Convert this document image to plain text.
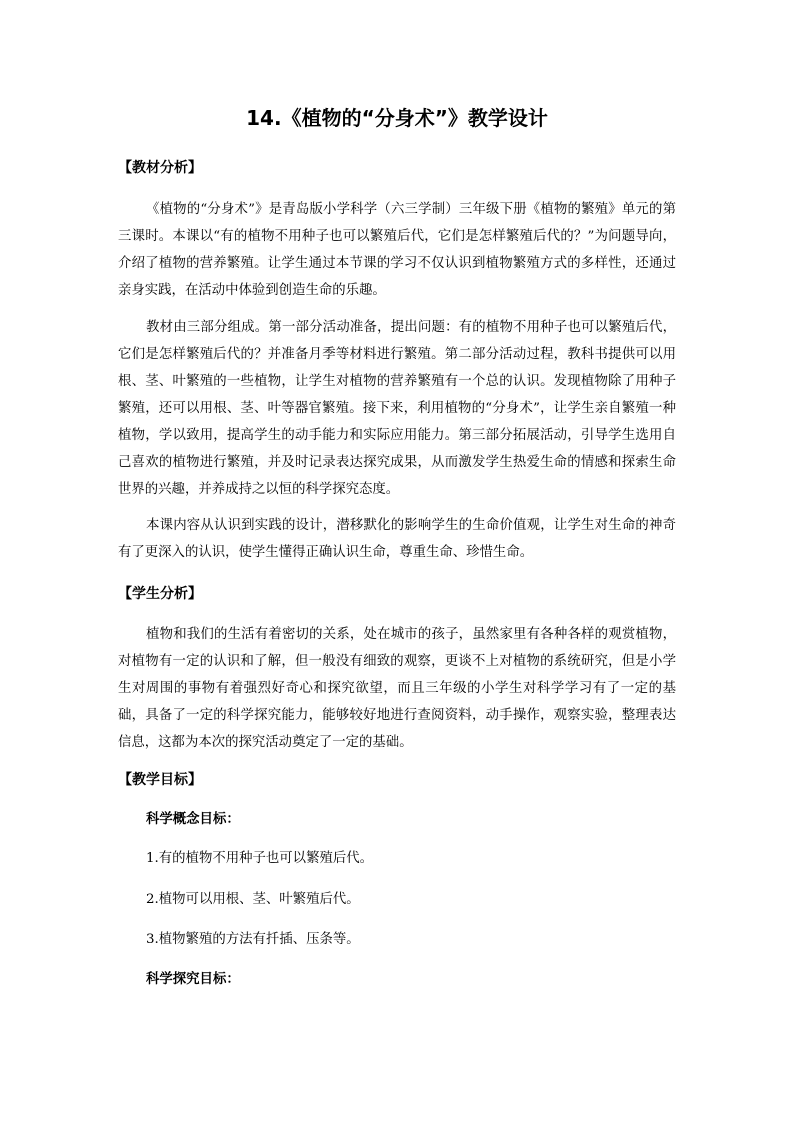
14.《植物的“分身术”》教学设计
【教材分析】
《植物的“分身术”》是青岛版小学科学（六三学制）三年级下册《植物的繁殖》单元的第三课时。本课以“有的植物不用种子也可以繁殖后代，它们是怎样繁殖后代的？”为问题导向，介绍了植物的营养繁殖。让学生通过本节课的学习不仅认识到植物繁殖方式的多样性，还通过亲身实践，在活动中体验到创造生命的乐趣。
教材由三部分组成。第一部分活动准备，提出问题：有的植物不用种子也可以繁殖后代，它们是怎样繁殖后代的？并准备月季等材料进行繁殖。第二部分活动过程，教科书提供可以用根、茎、叶繁殖的一些植物，让学生对植物的营养繁殖有一个总的认识。发现植物除了用种子繁殖，还可以用根、茎、叶等器官繁殖。接下来，利用植物的“分身术”，让学生亲自繁殖一种植物，学以致用，提高学生的动手能力和实际应用能力。第三部分拓展活动，引导学生选用自己喜欢的植物进行繁殖，并及时记录表达探究成果，从而激发学生热爱生命的情感和探索生命世界的兴趣，并养成持之以恒的科学探究态度。
本课内容从认识到实践的设计，潜移默化的影响学生的生命价值观，让学生对生命的神奇有了更深入的认识，使学生懂得正确认识生命，尊重生命、珍惜生命。
【学生分析】
植物和我们的生活有着密切的关系，处在城市的孩子，虽然家里有各种各样的观赏植物，对植物有一定的认识和了解，但一般没有细致的观察，更谈不上对植物的系统研究，但是小学生对周围的事物有着强烈好奇心和探究欲望，而且三年级的小学生对科学学习有了一定的基础，具备了一定的科学探究能力，能够较好地进行查阅资料，动手操作，观察实验，整理表达信息，这都为本次的探究活动奠定了一定的基础。
【教学目标】
科学概念目标：
1.有的植物不用种子也可以繁殖后代。
2.植物可以用根、茎、叶繁殖后代。
3.植物繁殖的方法有扦插、压条等。
科学探究目标：
